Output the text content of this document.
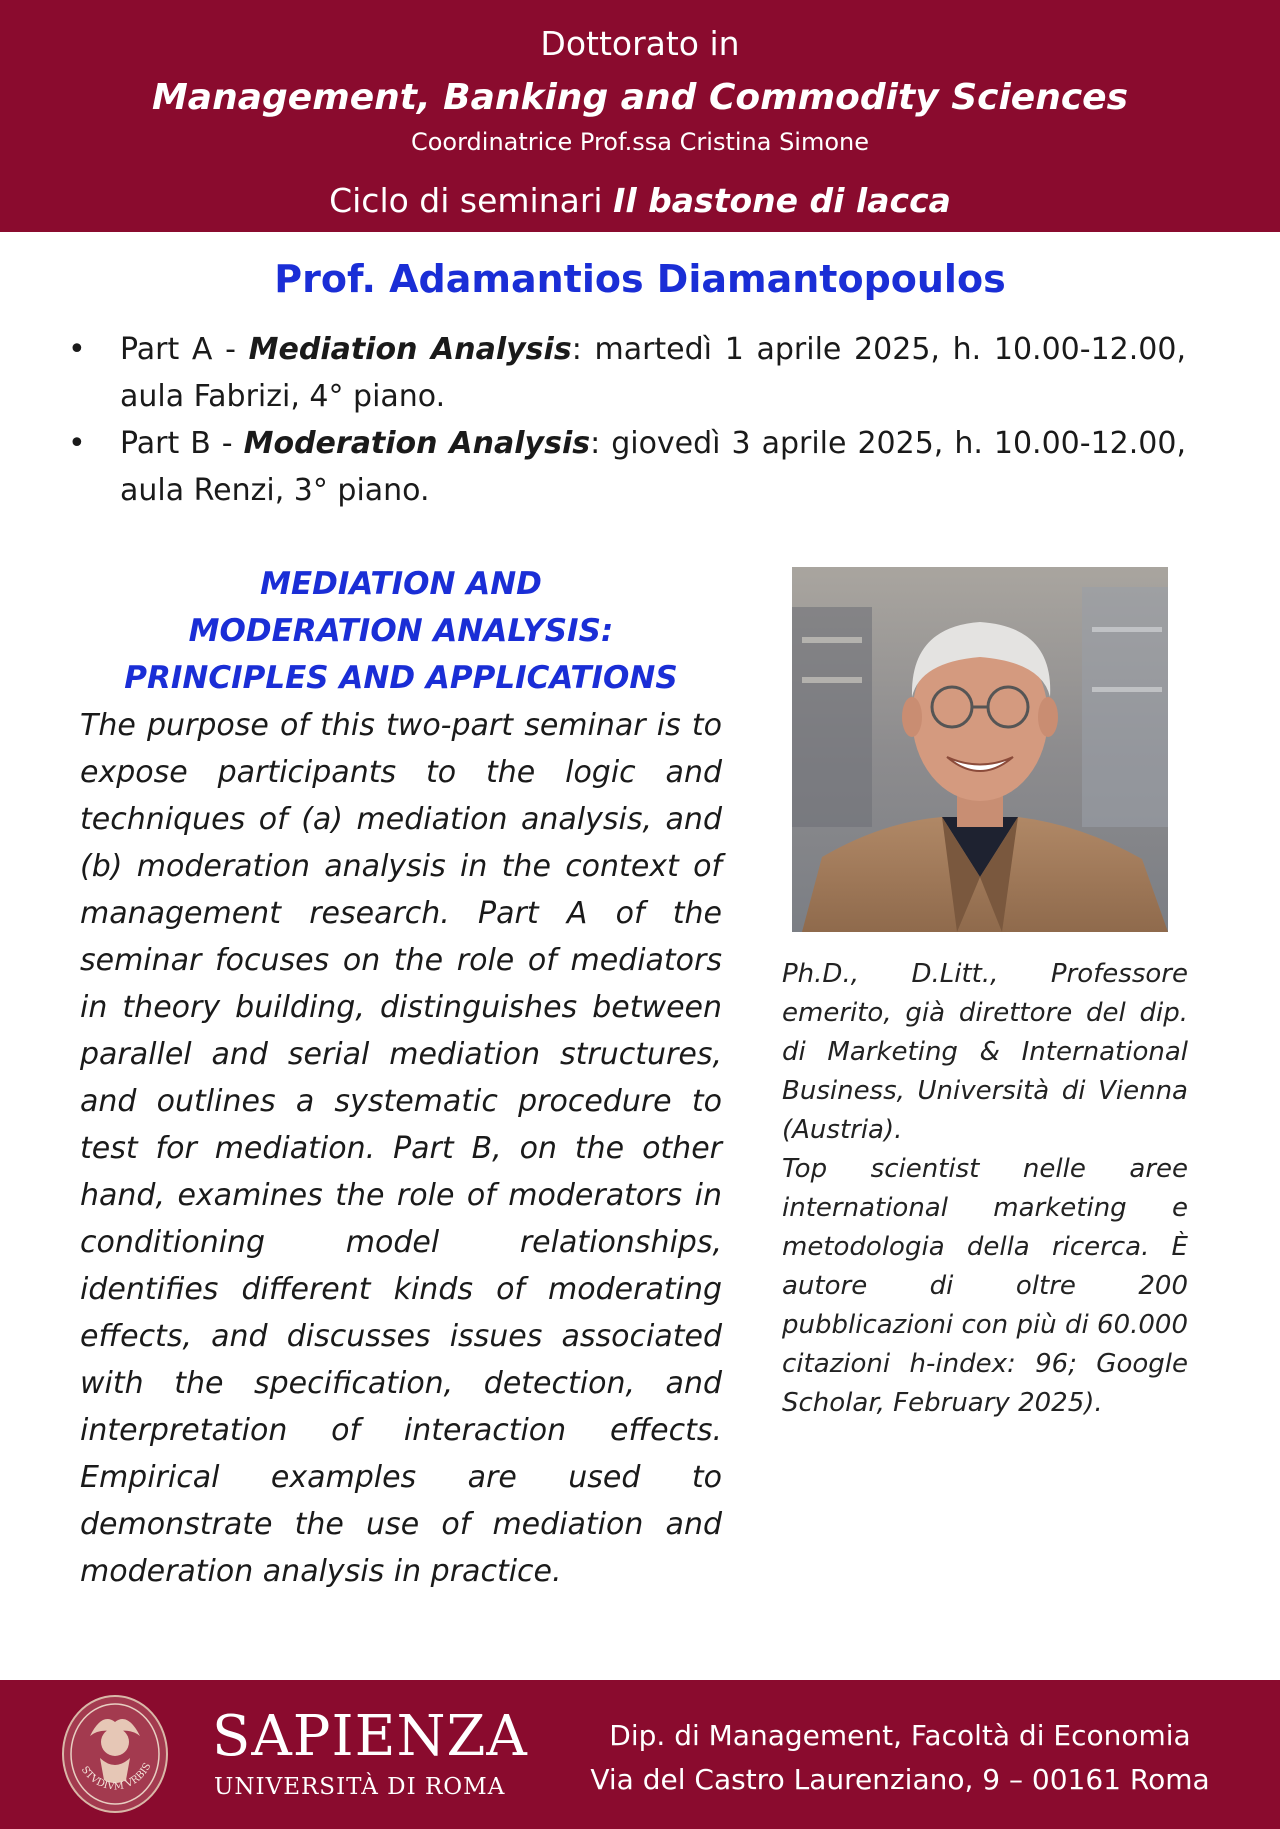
Dottorato in
Management, Banking and Commodity Sciences
Coordinatrice Prof.ssa Cristina Simone
Ciclo di seminari Il bastone di lacca
Prof. Adamantios Diamantopoulos
• Part A - Mediation Analysis: martedì 1 aprile 2025, h. 10.00-12.00, aula Fabrizi, 4° piano.
• Part B - Moderation Analysis: giovedì 3 aprile 2025, h. 10.00-12.00, aula Renzi, 3° piano.
MEDIATION AND
MODERATION ANALYSIS:
PRINCIPLES AND APPLICATIONS
The purpose of this two-part seminar is to expose participants to the logic and techniques of (a) mediation analysis, and (b) moderation analysis in the context of management research. Part A of the seminar focuses on the role of mediators in theory building, distinguishes between parallel and serial mediation structures, and outlines a systematic procedure to test for mediation. Part B, on the other hand, examines the role of moderators in conditioning model relationships, identifies different kinds of moderating effects, and discusses issues associated with the specification, detection, and interpretation of interaction effects. Empirical examples are used to demonstrate the use of mediation and moderation analysis in practice.

Ph.D., D.Litt., Professore emerito, già direttore del dip. di Marketing & International Business, Università di Vienna (Austria).

Top scientist nelle aree international marketing e metodologia della ricerca. È autore di oltre 200 pubblicazioni con più di 60.000 citazioni h-index: 96; Google Scholar, February 2025).

STVDIVM VRBIS SAPIENZA
UNIVERSITÀ DI ROMA
Dip. di Management, Facoltà di Economia
Via del Castro Laurenziano, 9 – 00161 Roma
